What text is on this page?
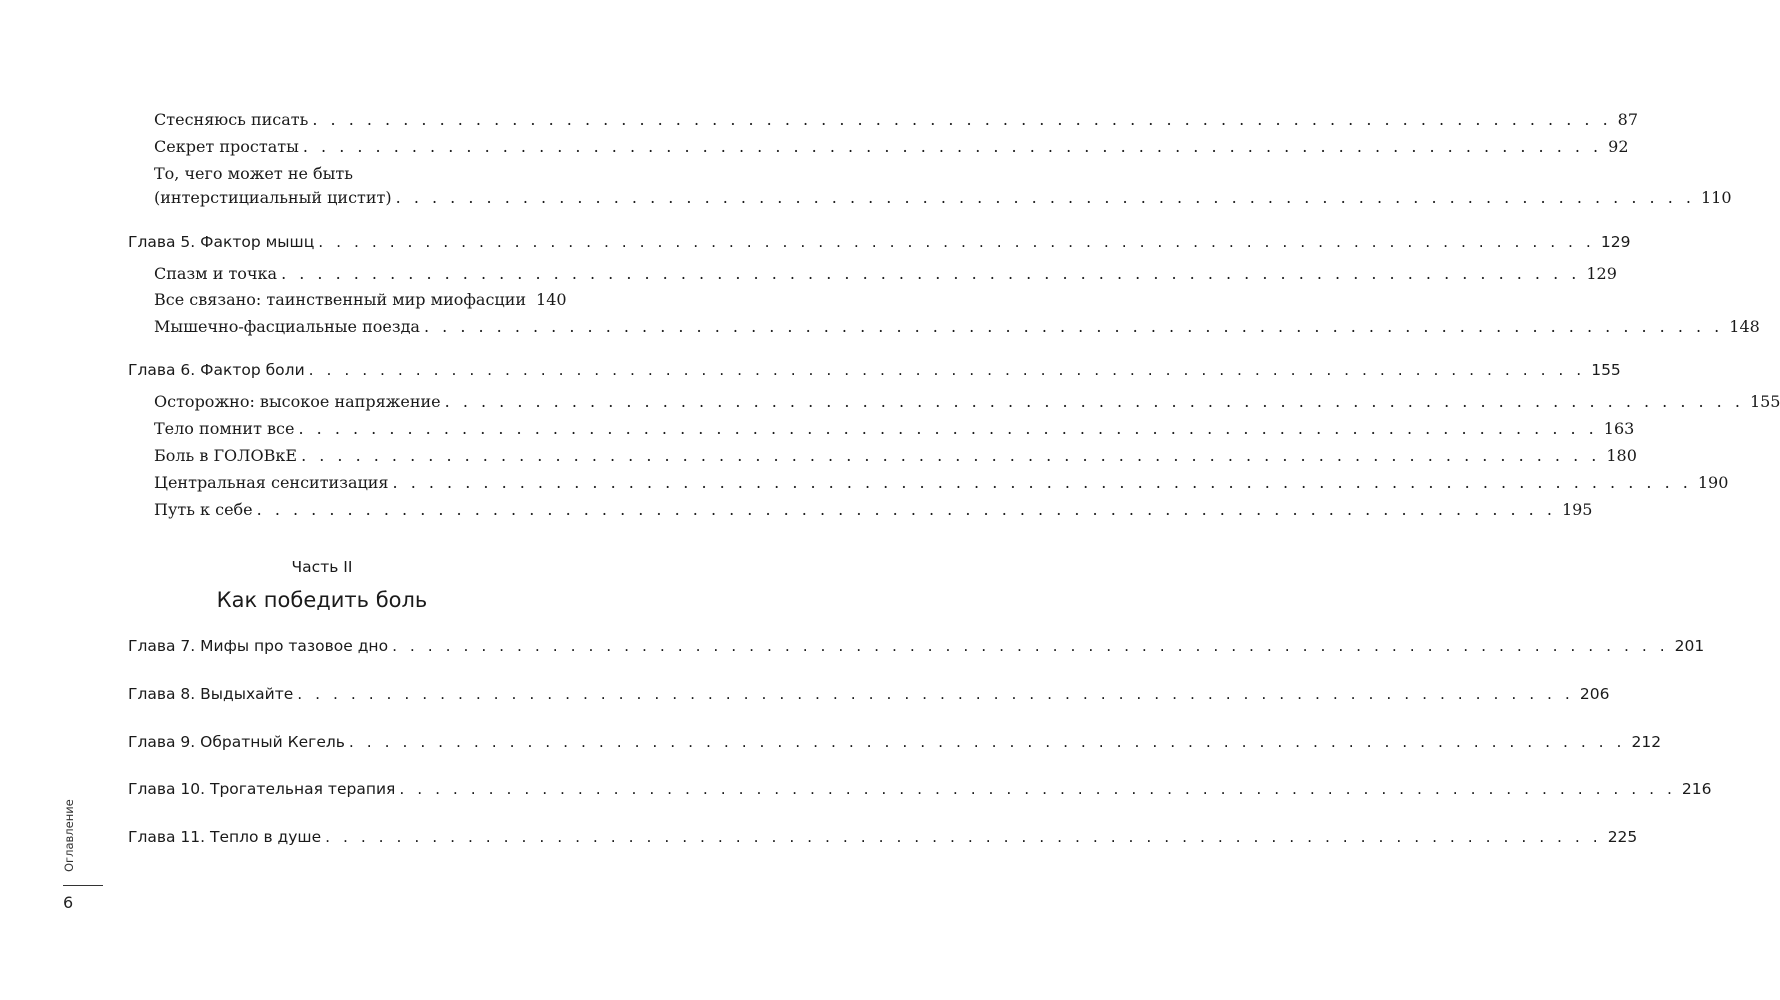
Стесняюсь писать . . . . . . . . . . . . . . . . . . . . . . . . . . . . . . . . . . . . . . . . . . . . . . . . . . . . . . . . . . . . . . . . . . . . . . . . 87
Секрет простаты . . . . . . . . . . . . . . . . . . . . . . . . . . . . . . . . . . . . . . . . . . . . . . . . . . . . . . . . . . . . . . . . . . . . . . . . 92
То, чего может не быть
(интерстициальный цистит) . . . . . . . . . . . . . . . . . . . . . . . . . . . . . . . . . . . . . . . . . . . . . . . . . . . . . . . . . . . . . . . . . . . . . . . . 110
Глава 5. Фактор мышц . . . . . . . . . . . . . . . . . . . . . . . . . . . . . . . . . . . . . . . . . . . . . . . . . . . . . . . . . . . . . . . . . . . . . . . . 129
Спазм и точка . . . . . . . . . . . . . . . . . . . . . . . . . . . . . . . . . . . . . . . . . . . . . . . . . . . . . . . . . . . . . . . . . . . . . . . . 129
Все связано: таинственный мир миофасции 140
Мышечно-фасциальные поезда . . . . . . . . . . . . . . . . . . . . . . . . . . . . . . . . . . . . . . . . . . . . . . . . . . . . . . . . . . . . . . . . . . . . . . . . 148
Глава 6. Фактор боли . . . . . . . . . . . . . . . . . . . . . . . . . . . . . . . . . . . . . . . . . . . . . . . . . . . . . . . . . . . . . . . . . . . . . . . . 155
Осторожно: высокое напряжение . . . . . . . . . . . . . . . . . . . . . . . . . . . . . . . . . . . . . . . . . . . . . . . . . . . . . . . . . . . . . . . . . . . . . . . . 155
Тело помнит все . . . . . . . . . . . . . . . . . . . . . . . . . . . . . . . . . . . . . . . . . . . . . . . . . . . . . . . . . . . . . . . . . . . . . . . . 163
Боль в ГОЛОВкЕ . . . . . . . . . . . . . . . . . . . . . . . . . . . . . . . . . . . . . . . . . . . . . . . . . . . . . . . . . . . . . . . . . . . . . . . . 180
Центральная сенситизация . . . . . . . . . . . . . . . . . . . . . . . . . . . . . . . . . . . . . . . . . . . . . . . . . . . . . . . . . . . . . . . . . . . . . . . . 190
Путь к себе . . . . . . . . . . . . . . . . . . . . . . . . . . . . . . . . . . . . . . . . . . . . . . . . . . . . . . . . . . . . . . . . . . . . . . . . 195
Часть II
Как победить боль
Глава 7. Мифы про тазовое дно . . . . . . . . . . . . . . . . . . . . . . . . . . . . . . . . . . . . . . . . . . . . . . . . . . . . . . . . . . . . . . . . . . . . . . . . 201
Глава 8. Выдыхайте . . . . . . . . . . . . . . . . . . . . . . . . . . . . . . . . . . . . . . . . . . . . . . . . . . . . . . . . . . . . . . . . . . . . . . . . 206
Глава 9. Обратный Кегель . . . . . . . . . . . . . . . . . . . . . . . . . . . . . . . . . . . . . . . . . . . . . . . . . . . . . . . . . . . . . . . . . . . . . . . . 212
Глава 10. Трогательная терапия . . . . . . . . . . . . . . . . . . . . . . . . . . . . . . . . . . . . . . . . . . . . . . . . . . . . . . . . . . . . . . . . . . . . . . . . 216
Глава 11. Тепло в душе . . . . . . . . . . . . . . . . . . . . . . . . . . . . . . . . . . . . . . . . . . . . . . . . . . . . . . . . . . . . . . . . . . . . . . . . 225
Оглавление
6
